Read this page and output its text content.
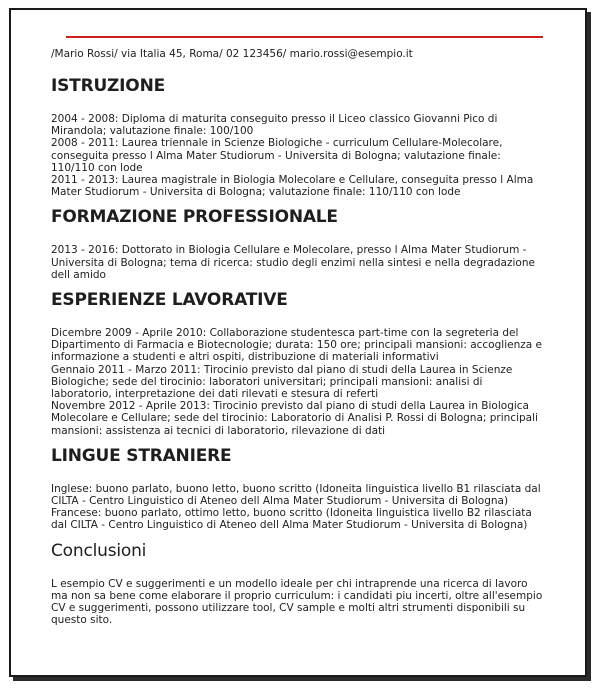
/Mario Rossi/ via Italia 45, Roma/ 02 123456/ mario.rossi@esempio.it
ISTRUZIONE
2004 - 2008: Diploma di maturita conseguito presso il Liceo classico Giovanni Pico di Mirandola; valutazione finale: 100/100
2008 - 2011: Laurea triennale in Scienze Biologiche - curriculum Cellulare-Molecolare, conseguita presso l Alma Mater Studiorum - Universita di Bologna; valutazione finale: 110/110 con lode
2011 - 2013: Laurea magistrale in Biologia Molecolare e Cellulare, conseguita presso l Alma Mater Studiorum - Universita di Bologna; valutazione finale: 110/110 con lode
FORMAZIONE PROFESSIONALE
2013 - 2016: Dottorato in Biologia Cellulare e Molecolare, presso l Alma Mater Studiorum - Universita di Bologna; tema di ricerca: studio degli enzimi nella sintesi e nella degradazione dell amido
ESPERIENZE LAVORATIVE
Dicembre 2009 - Aprile 2010: Collaborazione studentesca part-time con la segreteria del Dipartimento di Farmacia e Biotecnologie; durata: 150 ore; principali mansioni: accoglienza e informazione a studenti e altri ospiti, distribuzione di materiali informativi
Gennaio 2011 - Marzo 2011: Tirocinio previsto dal piano di studi della Laurea in Scienze Biologiche; sede del tirocinio: laboratori universitari; principali mansioni: analisi di laboratorio, interpretazione dei dati rilevati e stesura di referti
Novembre 2012 - Aprile 2013: Tirocinio previsto dal piano di studi della Laurea in Biologica Molecolare e Cellulare; sede del tirocinio: Laboratorio di Analisi P. Rossi di Bologna; principali mansioni: assistenza ai tecnici di laboratorio, rilevazione di dati
LINGUE STRANIERE
Inglese: buono parlato, buono letto, buono scritto (Idoneita linguistica livello B1 rilasciata dal CILTA - Centro Linguistico di Ateneo dell Alma Mater Studiorum - Universita di Bologna)
Francese: buono parlato, ottimo letto, buono scritto (Idoneita linguistica livello B2 rilasciata dal CILTA - Centro Linguistico di Ateneo dell Alma Mater Studiorum - Universita di Bologna)
Conclusioni
L esempio CV e suggerimenti e un modello ideale per chi intraprende una ricerca di lavoro ma non sa bene come elaborare il proprio curriculum: i candidati piu incerti, oltre all'esempio CV e suggerimenti, possono utilizzare tool, CV sample e molti altri strumenti disponibili su questo sito.
